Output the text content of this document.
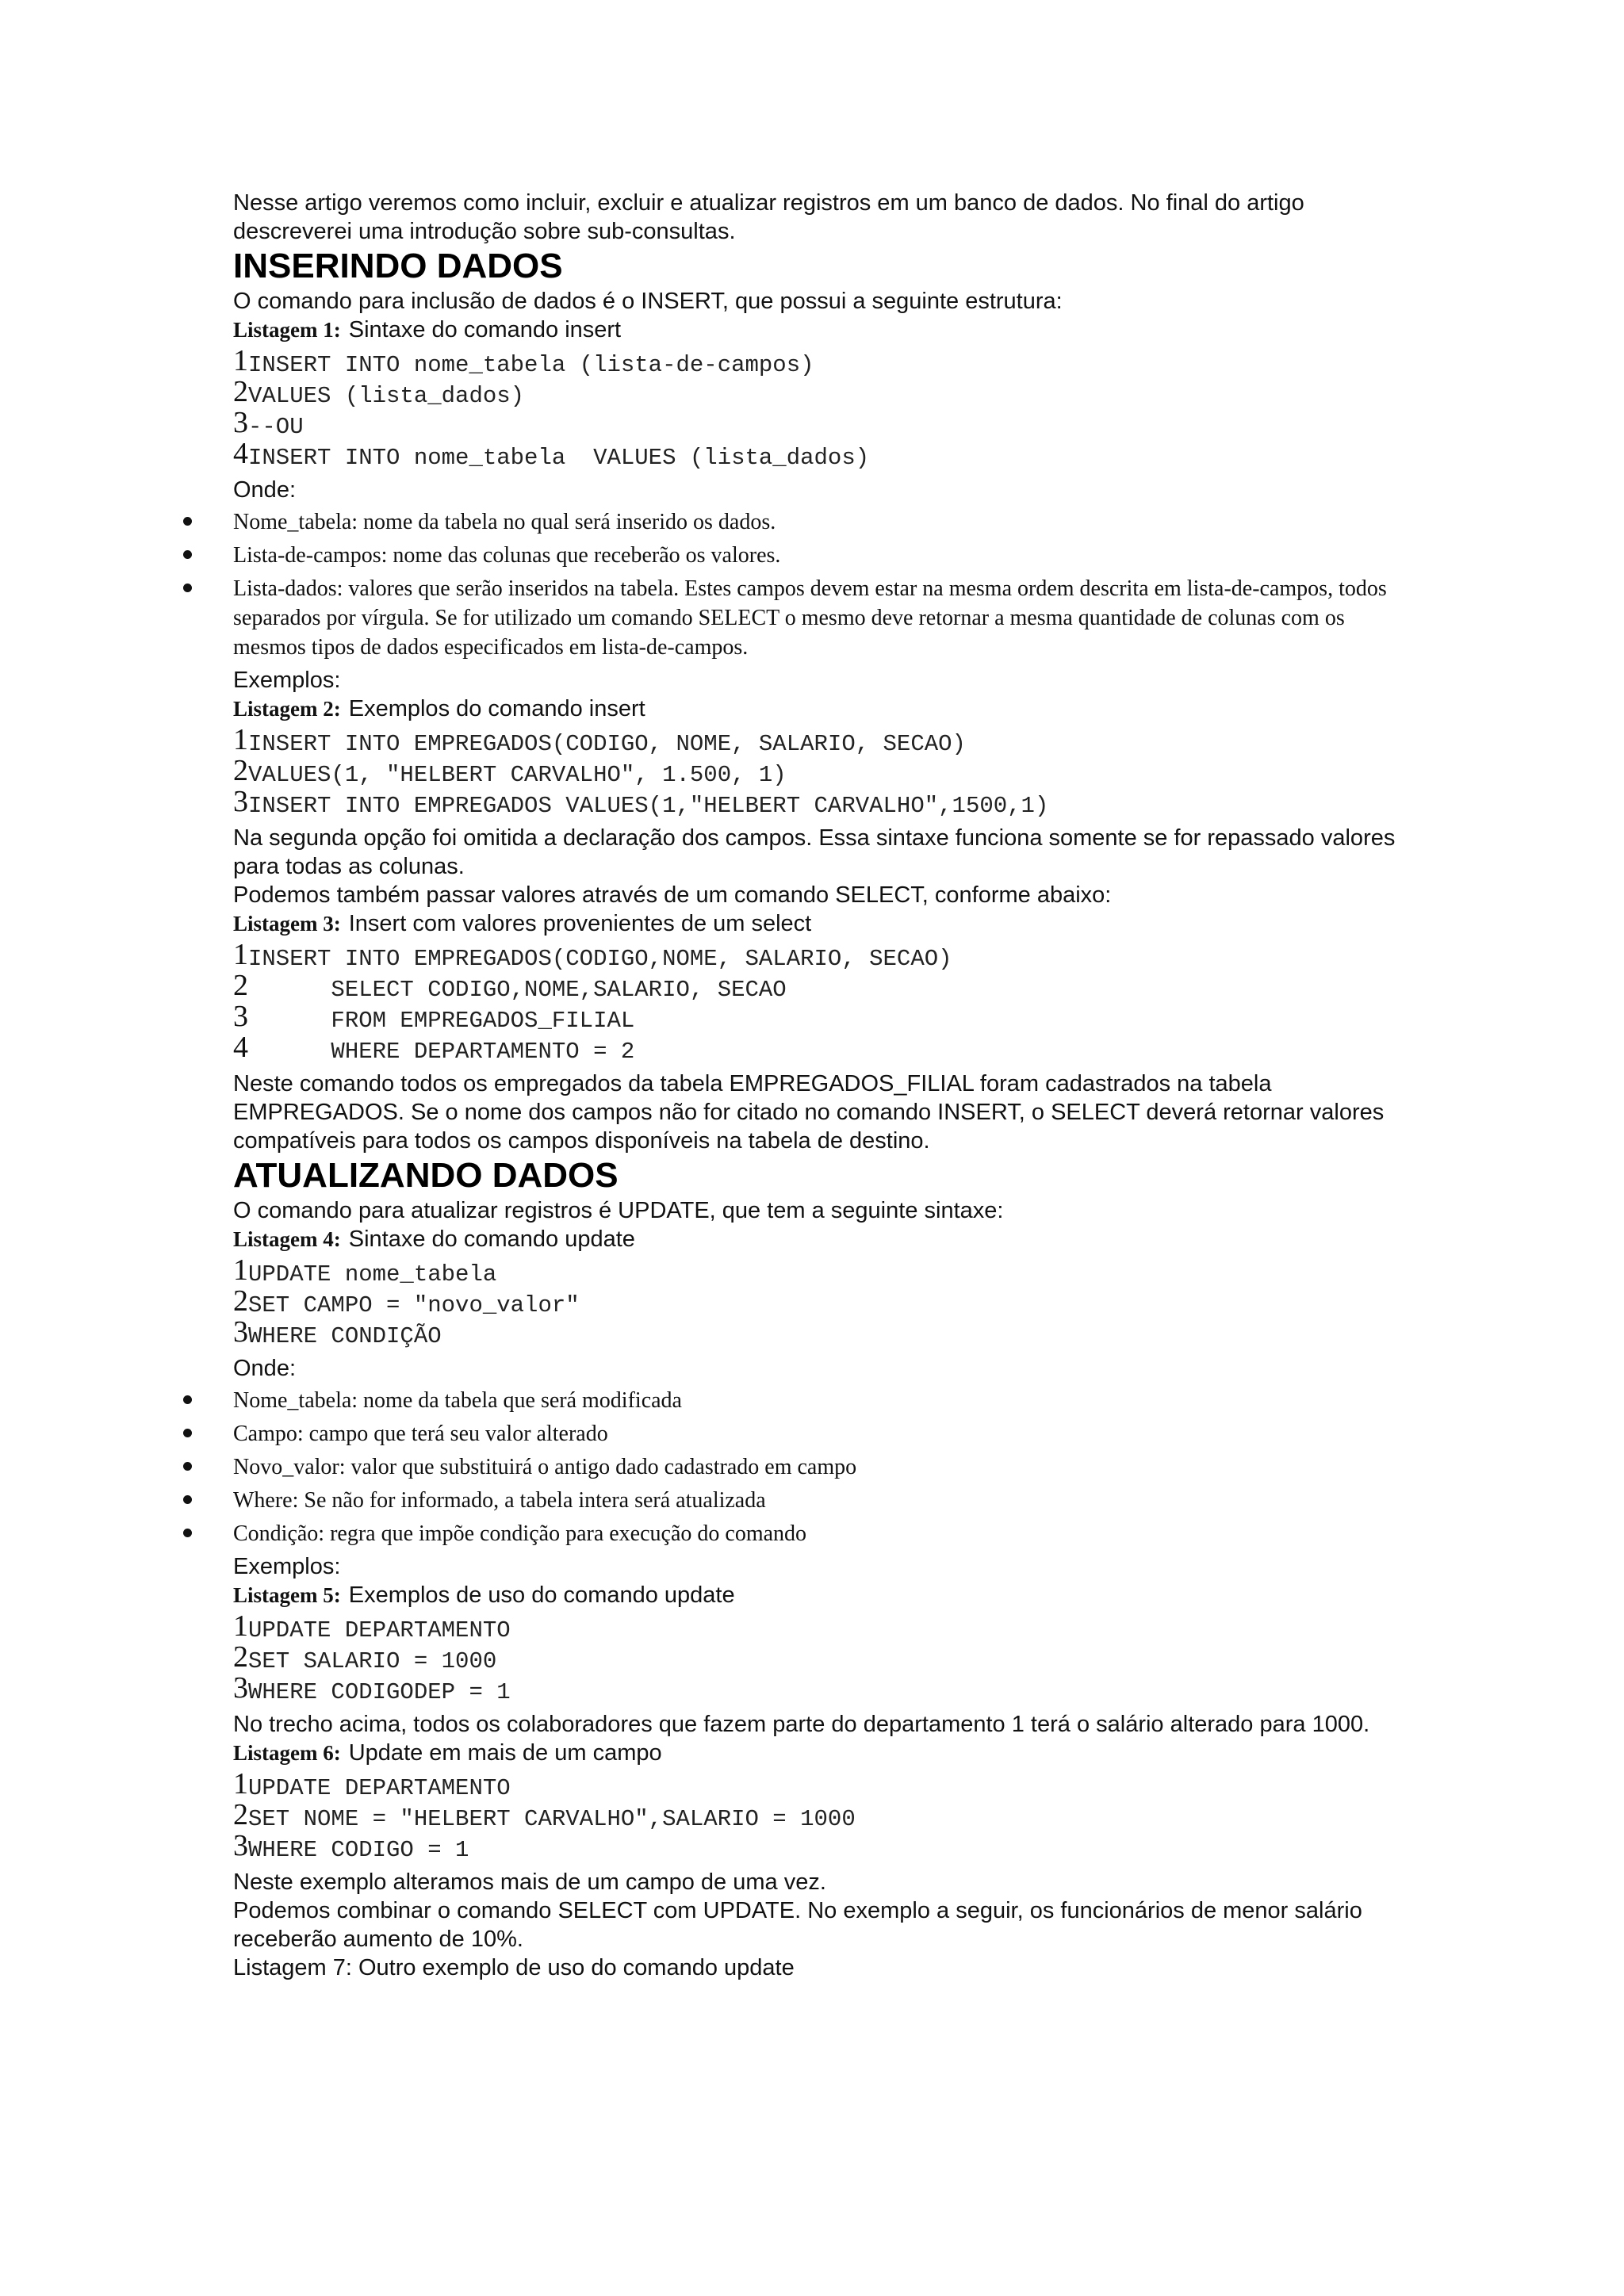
Nesse artigo veremos como incluir, excluir e atualizar registros em um banco de dados. No final do artigo descreverei uma introdução sobre sub-consultas.

INSERINDO DADOS

O comando para inclusão de dados é o INSERT, que possui a seguinte estrutura:

Listagem 1: Sintaxe do comando insert

1INSERT INTO nome_tabela (lista-de-campos)
2VALUES (lista_dados)
3--OU
4INSERT INTO nome_tabela  VALUES (lista_dados)

Onde:

Nome_tabela: nome da tabela no qual será inserido os dados.
Lista-de-campos: nome das colunas que receberão os valores.
Lista-dados: valores que serão inseridos na tabela. Estes campos devem estar na mesma ordem descrita em lista-de-campos, todos separados por vírgula. Se for utilizado um comando SELECT o mesmo deve retornar a mesma quantidade de colunas com os mesmos tipos de dados especificados em lista-de-campos.

Exemplos:

Listagem 2: Exemplos do comando insert

1INSERT INTO EMPREGADOS(CODIGO, NOME, SALARIO, SECAO)
2VALUES(1, "HELBERT CARVALHO", 1.500, 1)
3INSERT INTO EMPREGADOS VALUES(1,"HELBERT CARVALHO",1500,1)

Na segunda opção foi omitida a declaração dos campos. Essa sintaxe funciona somente se for repassado valores para todas as colunas.

Podemos também passar valores através de um comando SELECT, conforme abaixo:

Listagem 3: Insert com valores provenientes de um select

1INSERT INTO EMPREGADOS(CODIGO,NOME, SALARIO, SECAO)
2      SELECT CODIGO,NOME,SALARIO, SECAO
3      FROM EMPREGADOS_FILIAL
4      WHERE DEPARTAMENTO = 2

Neste comando todos os empregados da tabela EMPREGADOS_FILIAL foram cadastrados na tabela EMPREGADOS. Se o nome dos campos não for citado no comando INSERT, o SELECT deverá retornar valores compatíveis para todos os campos disponíveis na tabela de destino.

ATUALIZANDO DADOS

O comando para atualizar registros é UPDATE, que tem a seguinte sintaxe:

Listagem 4: Sintaxe do comando update

1UPDATE nome_tabela
2SET CAMPO = "novo_valor"
3WHERE CONDIÇÃO

Onde:

Nome_tabela: nome da tabela que será modificada
Campo: campo que terá seu valor alterado
Novo_valor: valor que substituirá o antigo dado cadastrado em campo
Where: Se não for informado, a tabela intera será atualizada
Condição: regra que impõe condição para execução do comando

Exemplos:

Listagem 5: Exemplos de uso do comando update

1UPDATE DEPARTAMENTO
2SET SALARIO = 1000
3WHERE CODIGODEP = 1

No trecho acima, todos os colaboradores que fazem parte do departamento 1 terá o salário alterado para 1000.

Listagem 6: Update em mais de um campo

1UPDATE DEPARTAMENTO
2SET NOME = "HELBERT CARVALHO",SALARIO = 1000
3WHERE CODIGO = 1

Neste exemplo alteramos mais de um campo de uma vez.

Podemos combinar o comando SELECT com UPDATE. No exemplo a seguir, os funcionários de menor salário receberão aumento de 10%.

Listagem 7: Outro exemplo de uso do comando update
